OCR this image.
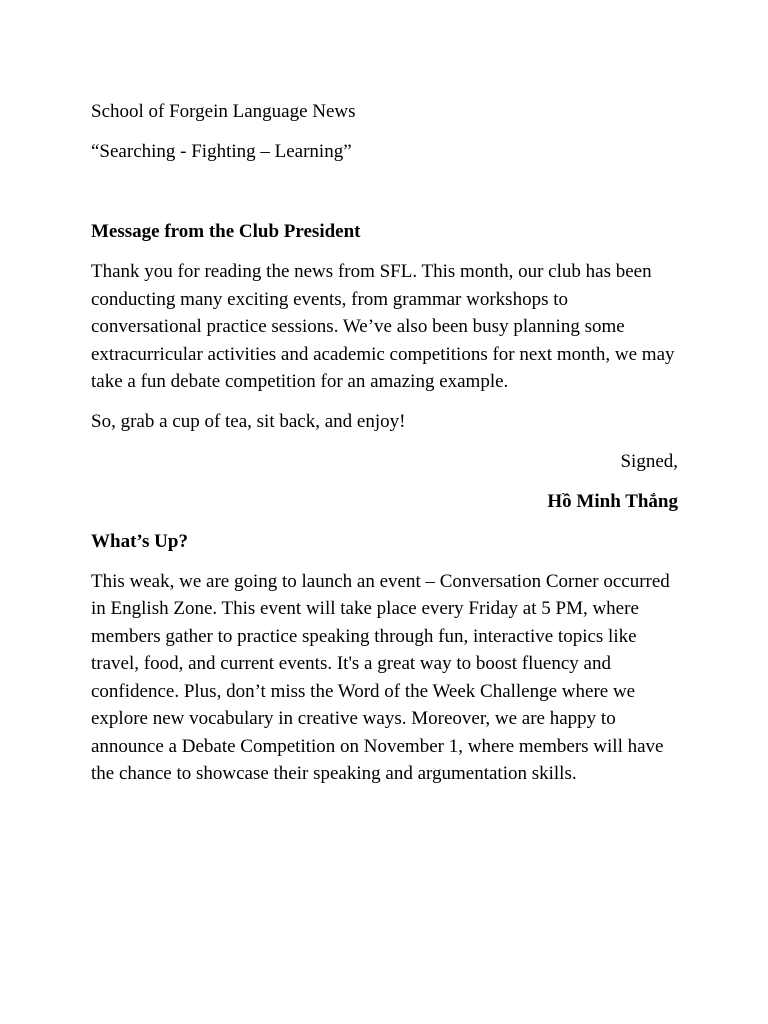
School of Forgein Language News

“Searching - Fighting – Learning”

Message from the Club President

Thank you for reading the news from SFL. This month, our club has been conducting many exciting events, from grammar workshops to conversational practice sessions. We’ve also been busy planning some extracurricular activities and academic competitions for next month, we may take a fun debate competition for an amazing example.

So, grab a cup of tea, sit back, and enjoy!

Signed,

Hồ Minh Thắng

What’s Up?

This weak, we are going to launch an event – Conversation Corner occurred in English Zone. This event will take place every Friday at 5 PM, where members gather to practice speaking through fun, interactive topics like travel, food, and current events. It's a great way to boost fluency and confidence. Plus, don’t miss the Word of the Week Challenge where we explore new vocabulary in creative ways. Moreover, we are happy to announce a Debate Competition on November 1, where members will have the chance to showcase their speaking and argumentation skills.
